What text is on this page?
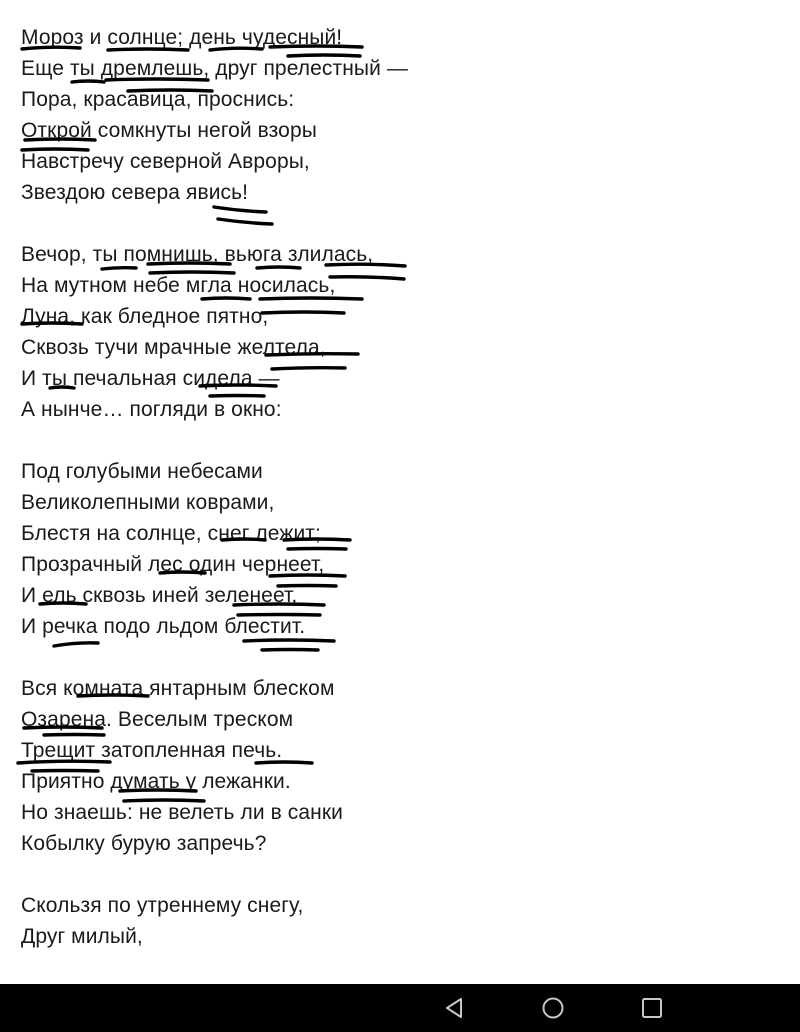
Мороз и солнце; день чудесный!
Еще ты дремлешь, друг прелестный —
Пора, красавица, проснись:
Открой сомкнуты негой взоры
Навстречу северной Авроры,
Звездою севера явись!
Вечор, ты помнишь, вьюга злилась,
На мутном небе мгла носилась,
Луна, как бледное пятно,
Сквозь тучи мрачные желтела,
И ты печальная сидела —
А нынче… погляди в окно:
Под голубыми небесами
Великолепными коврами,
Блестя на солнце, снег лежит;
Прозрачный лес один чернеет,
И ель сквозь иней зеленеет,
И речка подо льдом блестит.
Вся комната янтарным блеском
Озарена. Веселым треском
Трещит затопленная печь.
Приятно думать у лежанки.
Но знаешь: не велеть ли в санки
Кобылку бурую запречь?
Скользя по утреннему снегу,
Друг милый,
